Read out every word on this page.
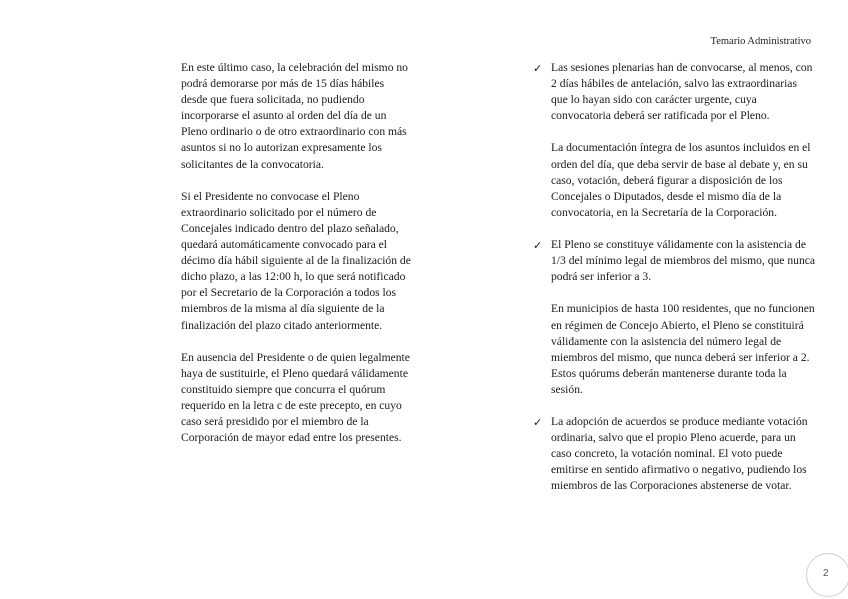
Temario Administrativo

En este último caso, la celebración del mismo no podrá demorarse por más de 15 días hábiles desde que fuera solicitada, no pudiendo incorporarse el asunto al orden del día de un Pleno ordinario o de otro extraordinario con más asuntos si no lo autorizan expresamente los solicitantes de la convocatoria.

Si el Presidente no convocase el Pleno extraordinario solicitado por el número de Concejales indicado dentro del plazo señalado, quedará automáticamente convocado para el décimo día hábil siguiente al de la finalización de dicho plazo, a las 12:00 h, lo que será notificado por el Secretario de la Corporación a todos los miembros de la misma al día siguiente de la finalización del plazo citado anteriormente.

En ausencia del Presidente o de quien legalmente haya de sustituirle, el Pleno quedará válidamente constituido siempre que concurra el quórum requerido en la letra c de este precepto, en cuyo caso será presidido por el miembro de la Corporación de mayor edad entre los presentes.

✓ Las sesiones plenarias han de convocarse, al menos, con 2 días hábiles de antelación, salvo las extraordinarias que lo hayan sido con carácter urgente, cuya convocatoria deberá ser ratificada por el Pleno.

La documentación íntegra de los asuntos incluidos en el orden del día, que deba servir de base al debate y, en su caso, votación, deberá figurar a disposición de los Concejales o Diputados, desde el mismo día de la convocatoria, en la Secretaría de la Corporación.

✓ El Pleno se constituye válidamente con la asistencia de 1/3 del mínimo legal de miembros del mismo, que nunca podrá ser inferior a 3.

En municipios de hasta 100 residentes, que no funcionen en régimen de Concejo Abierto, el Pleno se constituirá válidamente con la asistencia del número legal de miembros del mismo, que nunca deberá ser inferior a 2. Estos quórums deberán mantenerse durante toda la sesión.

✓ La adopción de acuerdos se produce mediante votación ordinaria, salvo que el propio Pleno acuerde, para un caso concreto, la votación nominal. El voto puede emitirse en sentido afirmativo o negativo, pudiendo los miembros de las Corporaciones abstenerse de votar.

2
